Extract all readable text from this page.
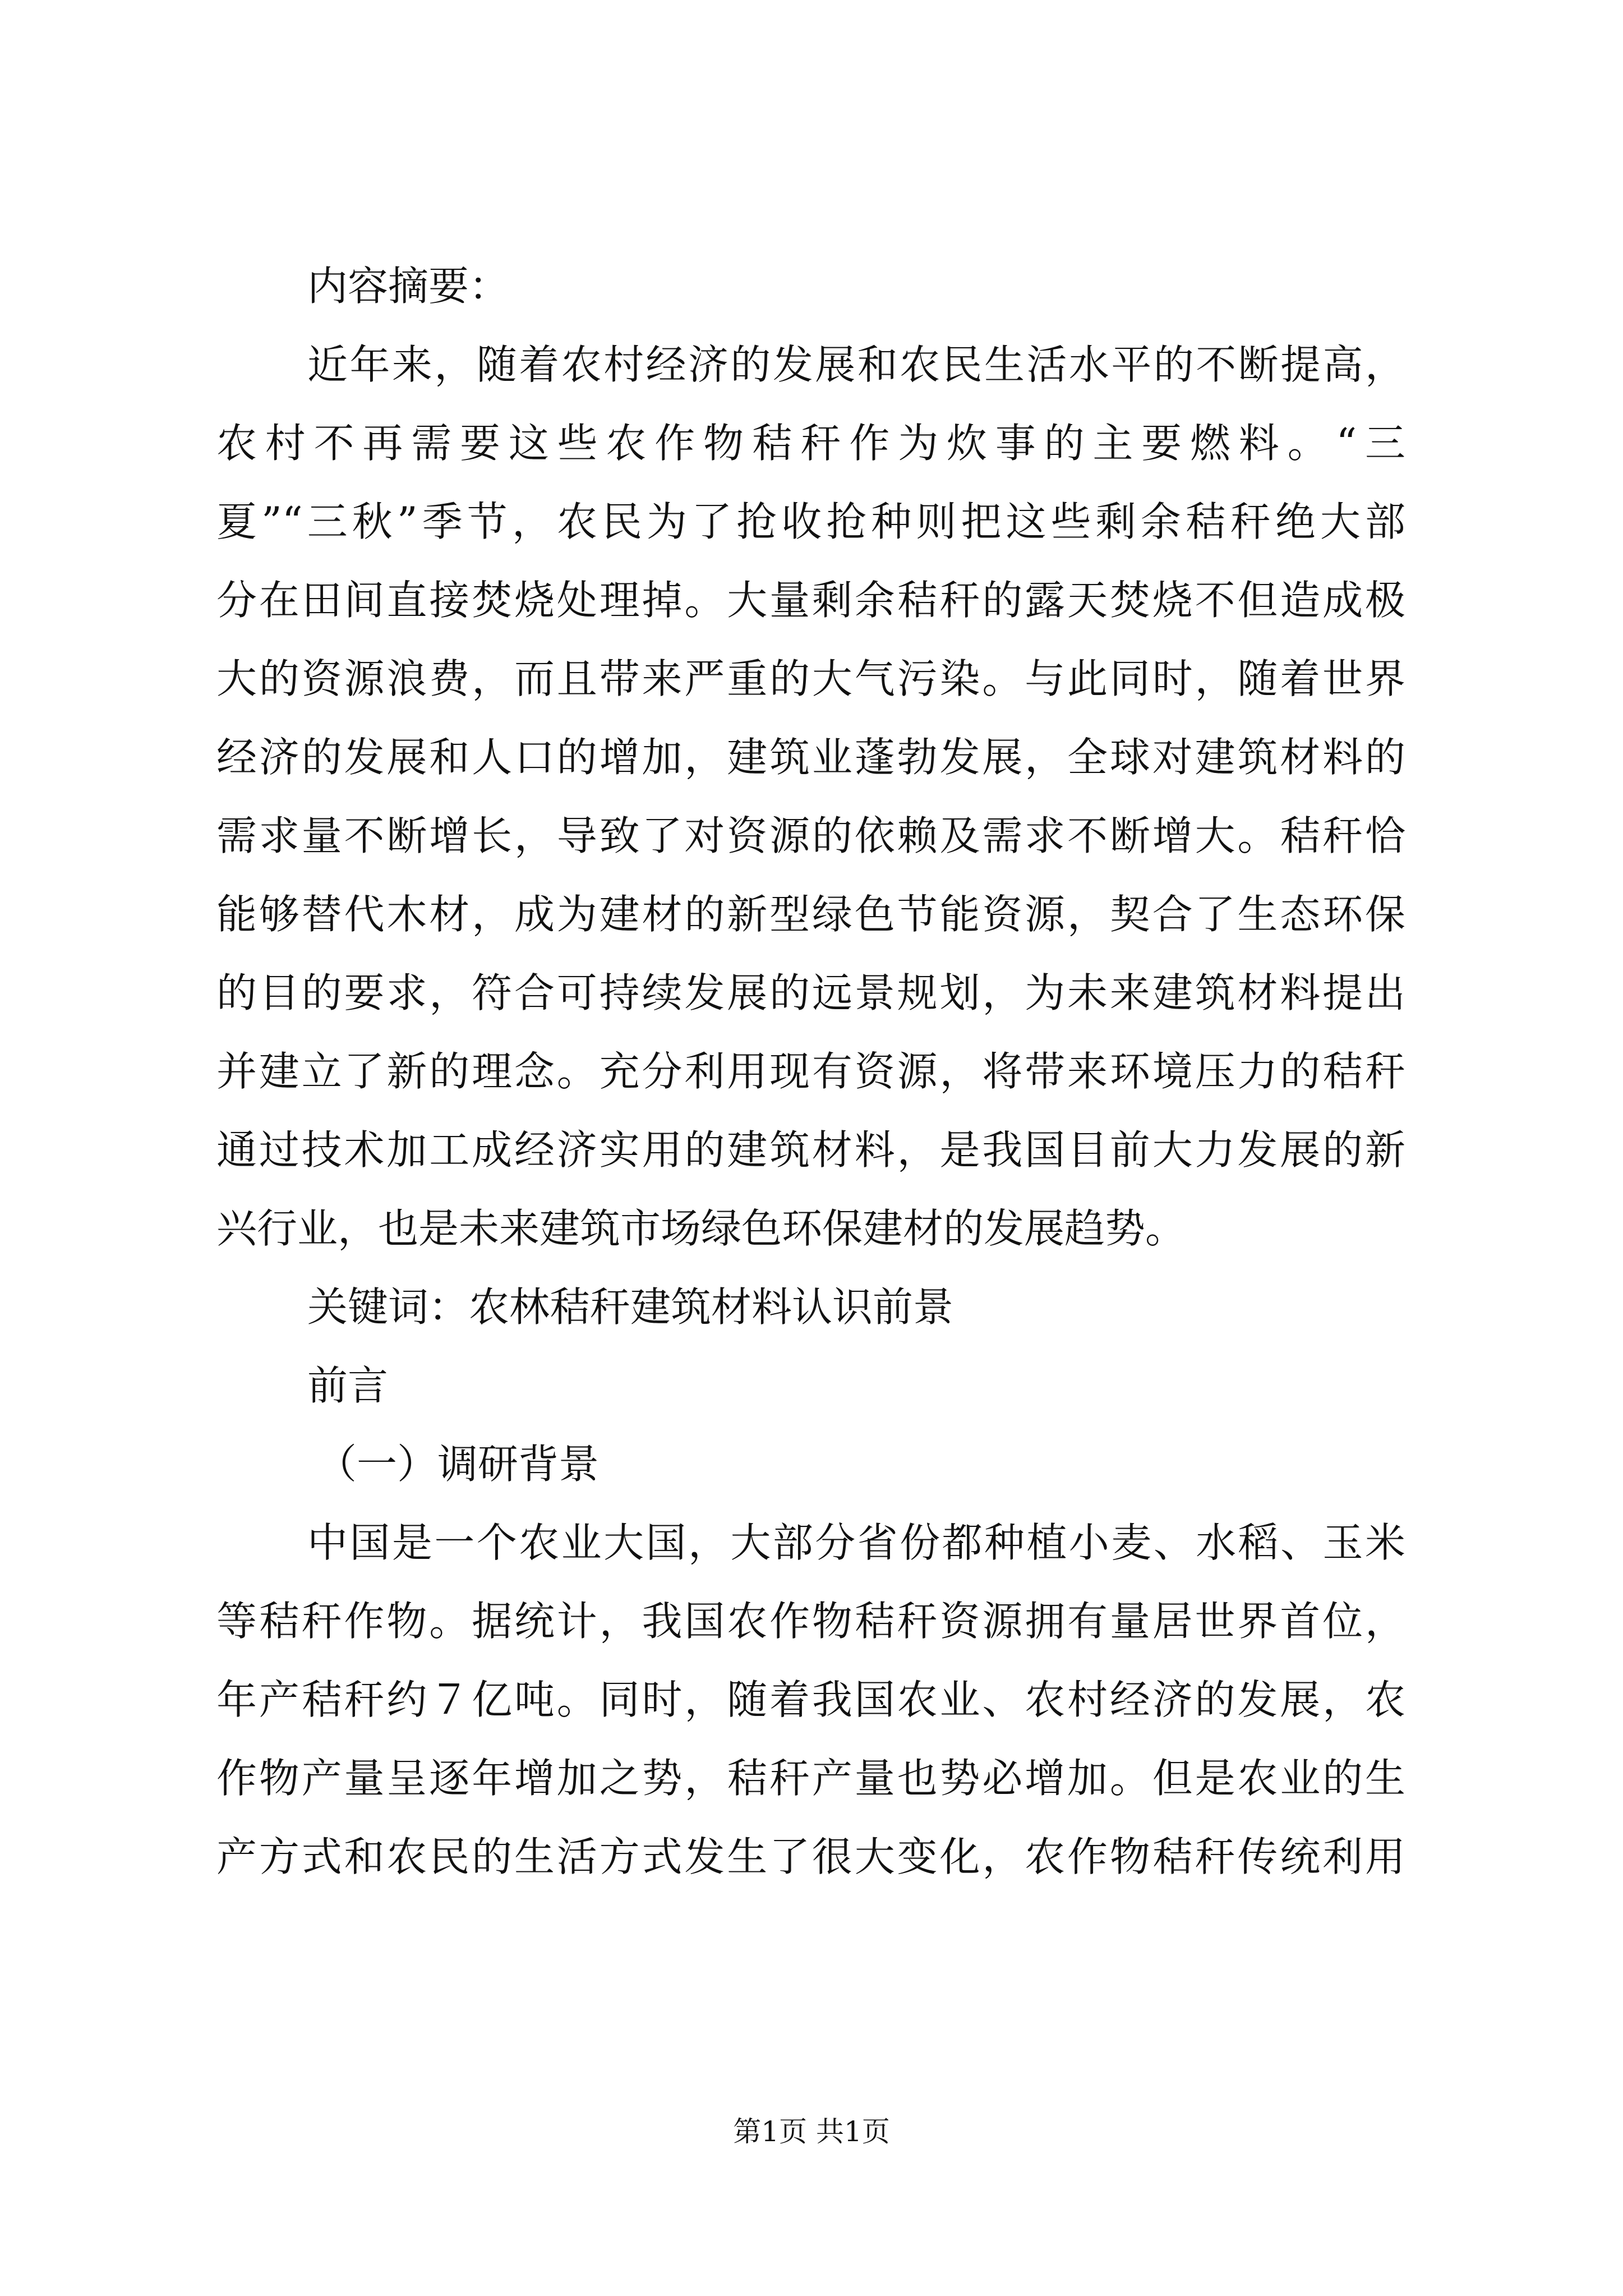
内容摘要：
近年来，随着农村经济的发展和农民生活水平的不断提高，
农村不再需要这些农作物秸秆作为炊事的主要燃料。“三
夏”“三秋”季节，农民为了抢收抢种则把这些剩余秸秆绝大部
分在田间直接焚烧处理掉。大量剩余秸秆的露天焚烧不但造成极
大的资源浪费，而且带来严重的大气污染。与此同时，随着世界
经济的发展和人口的增加，建筑业蓬勃发展，全球对建筑材料的
需求量不断增长，导致了对资源的依赖及需求不断增大。秸秆恰
能够替代木材，成为建材的新型绿色节能资源，契合了生态环保
的目的要求，符合可持续发展的远景规划，为未来建筑材料提出
并建立了新的理念。充分利用现有资源，将带来环境压力的秸秆
通过技术加工成经济实用的建筑材料，是我国目前大力发展的新
兴行业，也是未来建筑市场绿色环保建材的发展趋势。
关键词：农林秸秆建筑材料认识前景
前言
（一）调研背景
中国是一个农业大国，大部分省份都种植小麦、水稻、玉米
等秸秆作物。据统计，我国农作物秸秆资源拥有量居世界首位，
年产秸秆约７亿吨。同时，随着我国农业、农村经济的发展，农
作物产量呈逐年增加之势，秸秆产量也势必增加。但是农业的生
产方式和农民的生活方式发生了很大变化，农作物秸秆传统利用
第1页 共1页
